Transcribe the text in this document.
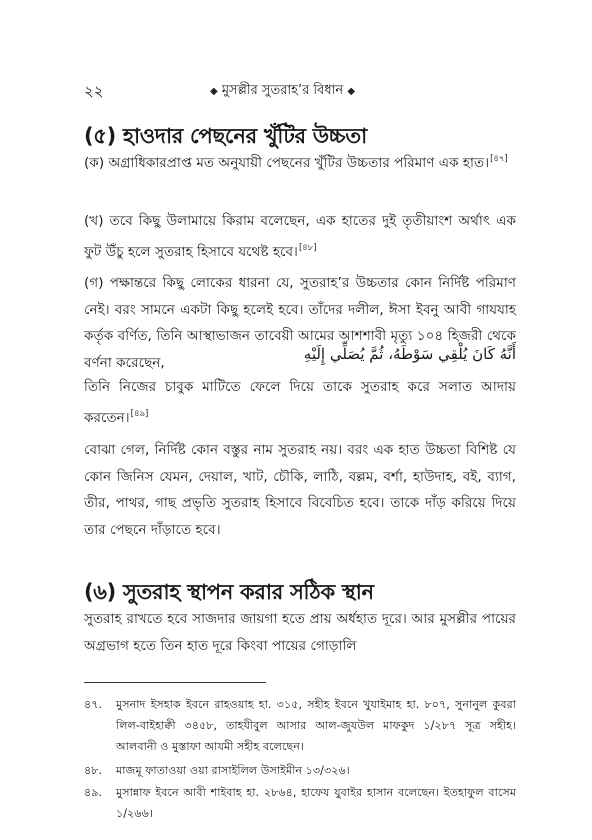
২২	◆ মুসল্লীর সুতরাহ’র বিধান ◆
(৫) হাওদার পেছনের খুঁটির উচ্চতা
(ক) অগ্রাধিকারপ্রাপ্ত মত অনুযায়ী পেছনের খুঁটির উচ্চতার পরিমাণ এক হাত।[৪৭]
(খ) তবে কিছু উলামায়ে কিরাম বলেছেন, এক হাতের দুই তৃতীয়াংশ অর্থাৎ এক ফুট উঁচু হলে সুতরাহ হিসাবে যথেষ্ট হবে।[৪৮]
(গ) পক্ষান্তরে কিছু লোকের ধারনা যে, সুতরাহ’র উচ্চতার কোন নির্দিষ্ট পরিমাণ নেই। বরং সামনে একটা কিছু হলেই হবে। তাঁদের দলীল, ঈসা ইবনু আবী গাযযাহ কর্তৃক বর্ণিত, তিনি আস্থাভাজন তাবেয়ী আমের আশশাবী মৃত্যু ১০৪ হিজরী থেকে বর্ণনা করেছেন,	أَنَّهُ كَانَ يُلْقِي سَوْطَهُ، ثُمَّ يُصَلِّي إِلَيْهِ
তিনি নিজের চাবুক মাটিতে ফেলে দিয়ে তাকে সুতরাহ করে সলাত আদায় করতেন।[৪৯]
বোঝা গেল, নির্দিষ্ট কোন বস্তুর নাম সুতরাহ নয়। বরং এক হাত উচ্চতা বিশিষ্ট যে কোন জিনিস যেমন, দেয়াল, খাট, চৌকি, লাঠি, বল্লম, বর্শা, হাউদাহ, বই, ব্যাগ, তীর, পাথর, গাছ প্রভৃতি সুতরাহ হিসাবে বিবেচিত হবে। তাকে দাঁড় করিয়ে দিয়ে তার পেছনে দাঁড়াতে হবে।
(৬) সুতরাহ স্থাপন করার সঠিক স্থান
সুতরাহ রাখতে হবে সাজদার জায়গা হতে প্রায় অর্ধহাত দূরে। আর মুসল্লীর পায়ের অগ্রভাগ হতে তিন হাত দূরে কিংবা পায়ের গোড়ালি
৪৭. মুসনাদ ইসহাক ইবনে রাহওয়াহ হা. ৩১৫, সহীহ ইবনে খুযাইমাহ হা. ৮০৭, সুনানুল কুবরা লিল-বাইহাক্বী ৩৪৫৮, তাহযীবুল আসার আল-জুযউল মাফকুদ ১/২৮৭ সূত্র সহীহ। আলবানী ও মুস্তাফা আযমী সহীহ বলেছেন।
৪৮. মাজমূ ফাতাওয়া ওয়া রাসাইলিল উসাইমীন ১৩/৩২৬।
৪৯. মুসান্নাফ ইবনে আবী শাইবাহ হা. ২৮৬৪, হাফেয যুবাইর হাসান বলেছেন। ইতহাফুল বাসেম ১/২৬৬।
